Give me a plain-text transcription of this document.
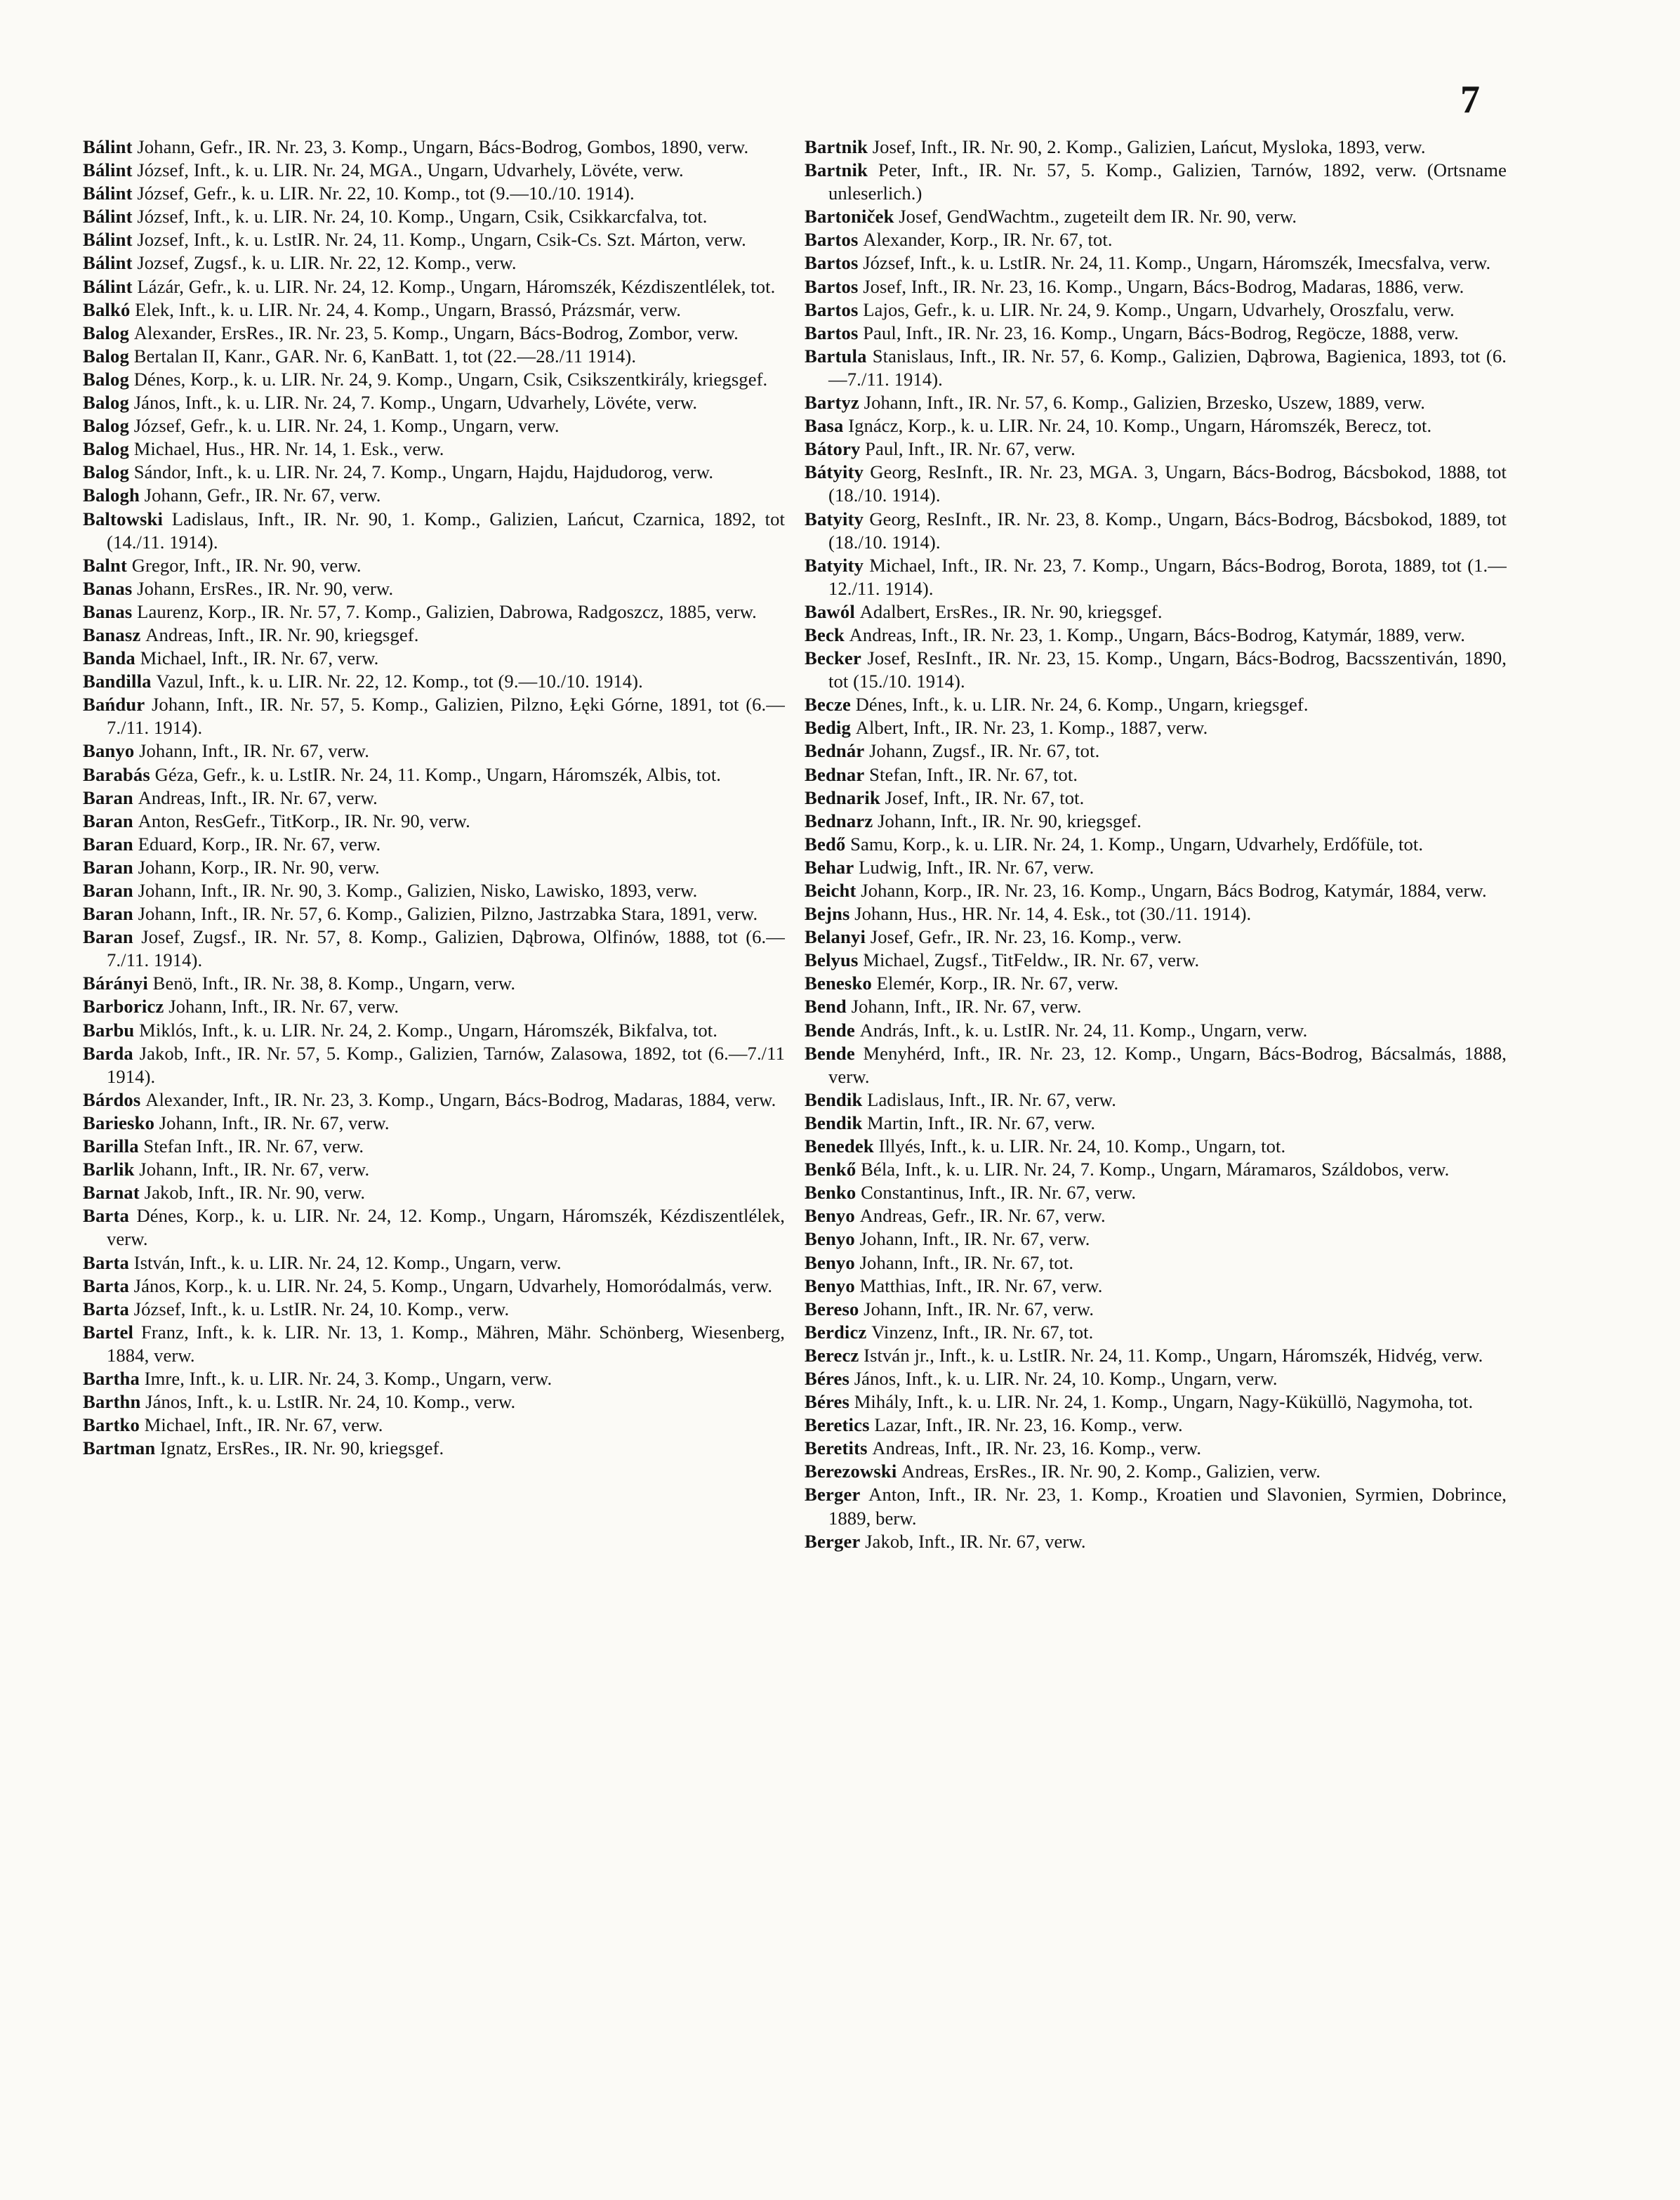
7

Bálint Johann, Gefr., IR. Nr. 23, 3. Komp., Ungarn, Bács-Bodrog, Gombos, 1890, verw.

Bálint József, Inft., k. u. LIR. Nr. 24, MGA., Ungarn, Udvarhely, Lövéte, verw.

Bálint József, Gefr., k. u. LIR. Nr. 22, 10. Komp., tot (9.—10./10. 1914).

Bálint József, Inft., k. u. LIR. Nr. 24, 10. Komp., Ungarn, Csik, Csikkarcfalva, tot.

Bálint Jozsef, Inft., k. u. LstIR. Nr. 24, 11. Komp., Ungarn, Csik-Cs. Szt. Márton, verw.

Bálint Jozsef, Zugsf., k. u. LIR. Nr. 22, 12. Komp., verw.

Bálint Lázár, Gefr., k. u. LIR. Nr. 24, 12. Komp., Ungarn, Háromszék, Kézdiszentlélek, tot.

Balkó Elek, Inft., k. u. LIR. Nr. 24, 4. Komp., Ungarn, Brassó, Prázsmár, verw.

Balog Alexander, ErsRes., IR. Nr. 23, 5. Komp., Ungarn, Bács-Bodrog, Zombor, verw.

Balog Bertalan II, Kanr., GAR. Nr. 6, KanBatt. 1, tot (22.—28./11 1914).

Balog Dénes, Korp., k. u. LIR. Nr. 24, 9. Komp., Ungarn, Csik, Csikszentkirály, kriegsgef.

Balog János, Inft., k. u. LIR. Nr. 24, 7. Komp., Ungarn, Udvarhely, Lövéte, verw.

Balog József, Gefr., k. u. LIR. Nr. 24, 1. Komp., Ungarn, verw.

Balog Michael, Hus., HR. Nr. 14, 1. Esk., verw.

Balog Sándor, Inft., k. u. LIR. Nr. 24, 7. Komp., Ungarn, Hajdu, Hajdudorog, verw.

Balogh Johann, Gefr., IR. Nr. 67, verw.

Baltowski Ladislaus, Inft., IR. Nr. 90, 1. Komp., Galizien, Lańcut, Czarnica, 1892, tot (14./11. 1914).

Balnt Gregor, Inft., IR. Nr. 90, verw.

Banas Johann, ErsRes., IR. Nr. 90, verw.

Banas Laurenz, Korp., IR. Nr. 57, 7. Komp., Galizien, Dabrowa, Radgoszcz, 1885, verw.

Banasz Andreas, Inft., IR. Nr. 90, kriegsgef.

Banda Michael, Inft., IR. Nr. 67, verw.

Bandilla Vazul, Inft., k. u. LIR. Nr. 22, 12. Komp., tot (9.—10./10. 1914).

Bańdur Johann, Inft., IR. Nr. 57, 5. Komp., Galizien, Pilzno, Łęki Górne, 1891, tot (6.—7./11. 1914).

Banyo Johann, Inft., IR. Nr. 67, verw.

Barabás Géza, Gefr., k. u. LstIR. Nr. 24, 11. Komp., Ungarn, Háromszék, Albis, tot.

Baran Andreas, Inft., IR. Nr. 67, verw.

Baran Anton, ResGefr., TitKorp., IR. Nr. 90, verw.

Baran Eduard, Korp., IR. Nr. 67, verw.

Baran Johann, Korp., IR. Nr. 90, verw.

Baran Johann, Inft., IR. Nr. 90, 3. Komp., Galizien, Nisko, Lawisko, 1893, verw.

Baran Johann, Inft., IR. Nr. 57, 6. Komp., Galizien, Pilzno, Jastrzabka Stara, 1891, verw.

Baran Josef, Zugsf., IR. Nr. 57, 8. Komp., Galizien, Dąbrowa, Olfinów, 1888, tot (6.—7./11. 1914).

Bárányi Benö, Inft., IR. Nr. 38, 8. Komp., Ungarn, verw.

Barboricz Johann, Inft., IR. Nr. 67, verw.

Barbu Miklós, Inft., k. u. LIR. Nr. 24, 2. Komp., Ungarn, Háromszék, Bikfalva, tot.

Barda Jakob, Inft., IR. Nr. 57, 5. Komp., Galizien, Tarnów, Zalasowa, 1892, tot (6.—7./11 1914).

Bárdos Alexander, Inft., IR. Nr. 23, 3. Komp., Ungarn, Bács-Bodrog, Madaras, 1884, verw.

Bariesko Johann, Inft., IR. Nr. 67, verw.

Barilla Stefan Inft., IR. Nr. 67, verw.

Barlik Johann, Inft., IR. Nr. 67, verw.

Barnat Jakob, Inft., IR. Nr. 90, verw.

Barta Dénes, Korp., k. u. LIR. Nr. 24, 12. Komp., Ungarn, Háromszék, Kézdiszentlélek, verw.

Barta István, Inft., k. u. LIR. Nr. 24, 12. Komp., Ungarn, verw.

Barta János, Korp., k. u. LIR. Nr. 24, 5. Komp., Ungarn, Udvarhely, Homoródalmás, verw.

Barta József, Inft., k. u. LstIR. Nr. 24, 10. Komp., verw.

Bartel Franz, Inft., k. k. LIR. Nr. 13, 1. Komp., Mähren, Mähr. Schönberg, Wiesenberg, 1884, verw.

Bartha Imre, Inft., k. u. LIR. Nr. 24, 3. Komp., Ungarn, verw.

Barthn János, Inft., k. u. LstIR. Nr. 24, 10. Komp., verw.

Bartko Michael, Inft., IR. Nr. 67, verw.

Bartman Ignatz, ErsRes., IR. Nr. 90, kriegsgef.

Bartnik Josef, Inft., IR. Nr. 90, 2. Komp., Galizien, Lańcut, Mysloka, 1893, verw.

Bartnik Peter, Inft., IR. Nr. 57, 5. Komp., Galizien, Tarnów, 1892, verw. (Ortsname unleserlich.)

Bartoniček Josef, GendWachtm., zugeteilt dem IR. Nr. 90, verw.

Bartos Alexander, Korp., IR. Nr. 67, tot.

Bartos József, Inft., k. u. LstIR. Nr. 24, 11. Komp., Ungarn, Háromszék, Imecsfalva, verw.

Bartos Josef, Inft., IR. Nr. 23, 16. Komp., Ungarn, Bács-Bodrog, Madaras, 1886, verw.

Bartos Lajos, Gefr., k. u. LIR. Nr. 24, 9. Komp., Ungarn, Udvarhely, Oroszfalu, verw.

Bartos Paul, Inft., IR. Nr. 23, 16. Komp., Ungarn, Bács-Bodrog, Regöcze, 1888, verw.

Bartula Stanislaus, Inft., IR. Nr. 57, 6. Komp., Galizien, Dąbrowa, Bagienica, 1893, tot (6.—7./11. 1914).

Bartyz Johann, Inft., IR. Nr. 57, 6. Komp., Galizien, Brzesko, Uszew, 1889, verw.

Basa Ignácz, Korp., k. u. LIR. Nr. 24, 10. Komp., Ungarn, Háromszék, Berecz, tot.

Bátory Paul, Inft., IR. Nr. 67, verw.

Bátyity Georg, ResInft., IR. Nr. 23, MGA. 3, Ungarn, Bács-Bodrog, Bácsbokod, 1888, tot (18./10. 1914).

Batyity Georg, ResInft., IR. Nr. 23, 8. Komp., Ungarn, Bács-Bodrog, Bácsbokod, 1889, tot (18./10. 1914).

Batyity Michael, Inft., IR. Nr. 23, 7. Komp., Ungarn, Bács-Bodrog, Borota, 1889, tot (1.—12./11. 1914).

Bawól Adalbert, ErsRes., IR. Nr. 90, kriegsgef.

Beck Andreas, Inft., IR. Nr. 23, 1. Komp., Ungarn, Bács-Bodrog, Katymár, 1889, verw.

Becker Josef, ResInft., IR. Nr. 23, 15. Komp., Ungarn, Bács-Bodrog, Bacsszentiván, 1890, tot (15./10. 1914).

Becze Dénes, Inft., k. u. LIR. Nr. 24, 6. Komp., Ungarn, kriegsgef.

Bedig Albert, Inft., IR. Nr. 23, 1. Komp., 1887, verw.

Bednár Johann, Zugsf., IR. Nr. 67, tot.

Bednar Stefan, Inft., IR. Nr. 67, tot.

Bednarik Josef, Inft., IR. Nr. 67, tot.

Bednarz Johann, Inft., IR. Nr. 90, kriegsgef.

Bedő Samu, Korp., k. u. LIR. Nr. 24, 1. Komp., Ungarn, Udvarhely, Erdőfüle, tot.

Behar Ludwig, Inft., IR. Nr. 67, verw.

Beicht Johann, Korp., IR. Nr. 23, 16. Komp., Ungarn, Bács Bodrog, Katymár, 1884, verw.

Bejns Johann, Hus., HR. Nr. 14, 4. Esk., tot (30./11. 1914).

Belanyi Josef, Gefr., IR. Nr. 23, 16. Komp., verw.

Belyus Michael, Zugsf., TitFeldw., IR. Nr. 67, verw.

Benesko Elemér, Korp., IR. Nr. 67, verw.

Bend Johann, Inft., IR. Nr. 67, verw.

Bende András, Inft., k. u. LstIR. Nr. 24, 11. Komp., Ungarn, verw.

Bende Menyhérd, Inft., IR. Nr. 23, 12. Komp., Ungarn, Bács-Bodrog, Bácsalmás, 1888, verw.

Bendik Ladislaus, Inft., IR. Nr. 67, verw.

Bendik Martin, Inft., IR. Nr. 67, verw.

Benedek Illyés, Inft., k. u. LIR. Nr. 24, 10. Komp., Ungarn, tot.

Benkő Béla, Inft., k. u. LIR. Nr. 24, 7. Komp., Ungarn, Máramaros, Száldobos, verw.

Benko Constantinus, Inft., IR. Nr. 67, verw.

Benyo Andreas, Gefr., IR. Nr. 67, verw.

Benyo Johann, Inft., IR. Nr. 67, verw.

Benyo Johann, Inft., IR. Nr. 67, tot.

Benyo Matthias, Inft., IR. Nr. 67, verw.

Bereso Johann, Inft., IR. Nr. 67, verw.

Berdicz Vinzenz, Inft., IR. Nr. 67, tot.

Berecz István jr., Inft., k. u. LstIR. Nr. 24, 11. Komp., Ungarn, Háromszék, Hidvég, verw.

Béres János, Inft., k. u. LIR. Nr. 24, 10. Komp., Ungarn, verw.

Béres Mihály, Inft., k. u. LIR. Nr. 24, 1. Komp., Ungarn, Nagy-Küküllö, Nagymoha, tot.

Beretics Lazar, Inft., IR. Nr. 23, 16. Komp., verw.

Beretits Andreas, Inft., IR. Nr. 23, 16. Komp., verw.

Berezowski Andreas, ErsRes., IR. Nr. 90, 2. Komp., Galizien, verw.

Berger Anton, Inft., IR. Nr. 23, 1. Komp., Kroatien und Slavonien, Syrmien, Dobrince, 1889, berw.

Berger Jakob, Inft., IR. Nr. 67, verw.
